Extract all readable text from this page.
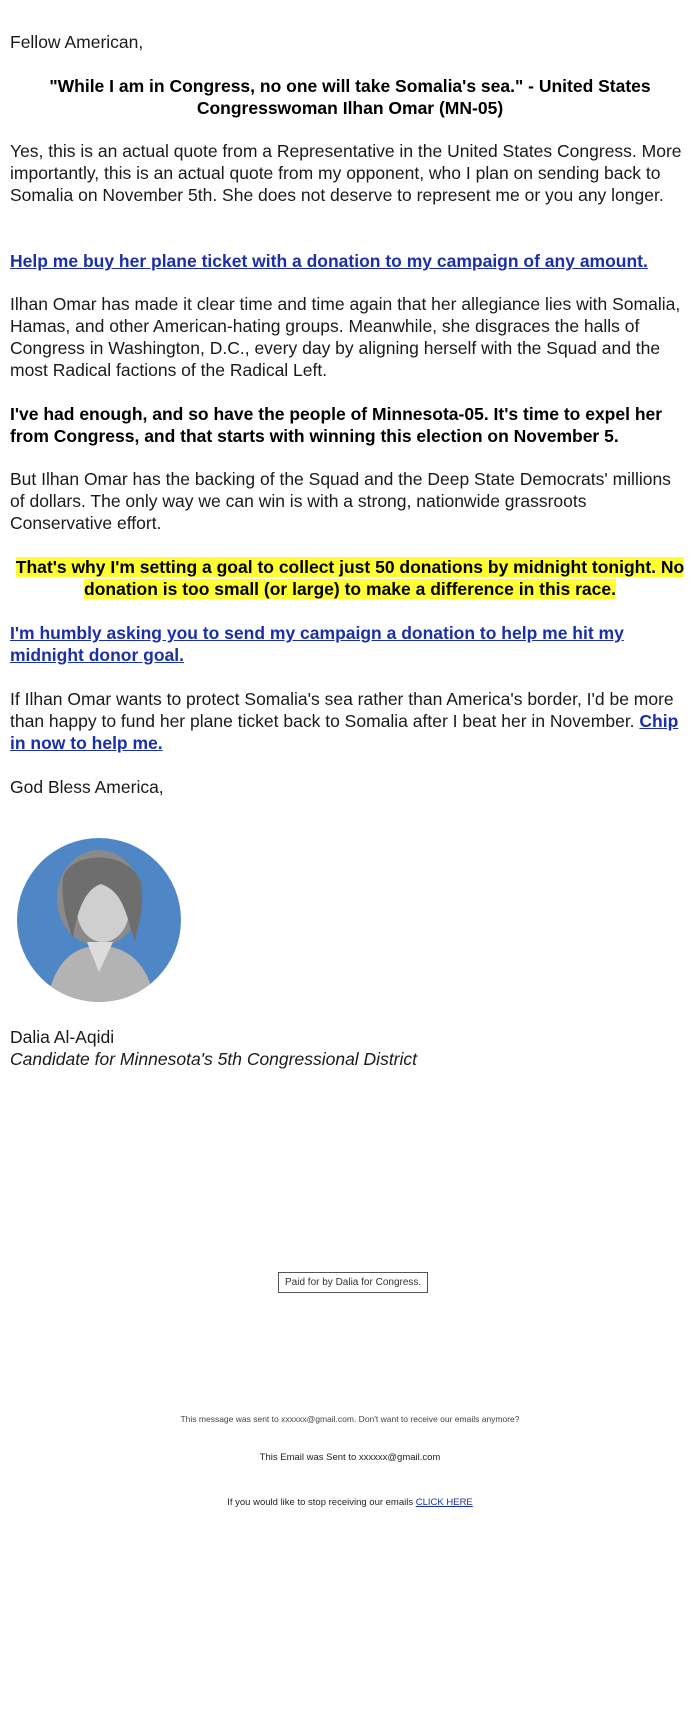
Fellow American,

"While I am in Congress, no one will take Somalia's sea." - United States Congresswoman Ilhan Omar (MN-05)

Yes, this is an actual quote from a Representative in the United States Congress. More importantly, this is an actual quote from my opponent, who I plan on sending back to Somalia on November 5th. She does not deserve to represent me or you any longer.

Help me buy her plane ticket with a donation to my campaign of any amount.

Ilhan Omar has made it clear time and time again that her allegiance lies with Somalia, Hamas, and other American-hating groups. Meanwhile, she disgraces the halls of Congress in Washington, D.C., every day by aligning herself with the Squad and the most Radical factions of the Radical Left.

I've had enough, and so have the people of Minnesota-05. It's time to expel her from Congress, and that starts with winning this election on November 5.

But Ilhan Omar has the backing of the Squad and the Deep State Democrats' millions of dollars. The only way we can win is with a strong, nationwide grassroots Conservative effort.

That's why I'm setting a goal to collect just 50 donations by midnight tonight. No donation is too small (or large) to make a difference in this race.

I'm humbly asking you to send my campaign a donation to help me hit my midnight donor goal.

If Ilhan Omar wants to protect Somalia's sea rather than America's border, I'd be more than happy to fund her plane ticket back to Somalia after I beat her in November. Chip in now to help me.

God Bless America,

Dalia Al-Aqidi

Candidate for Minnesota's 5th Congressional District

Paid for by Dalia for Congress.

This message was sent to xxxxxx@gmail.com. Don't want to receive our emails anymore?

This Email was Sent to xxxxxx@gmail.com

If you would like to stop receiving our emails CLICK HERE
